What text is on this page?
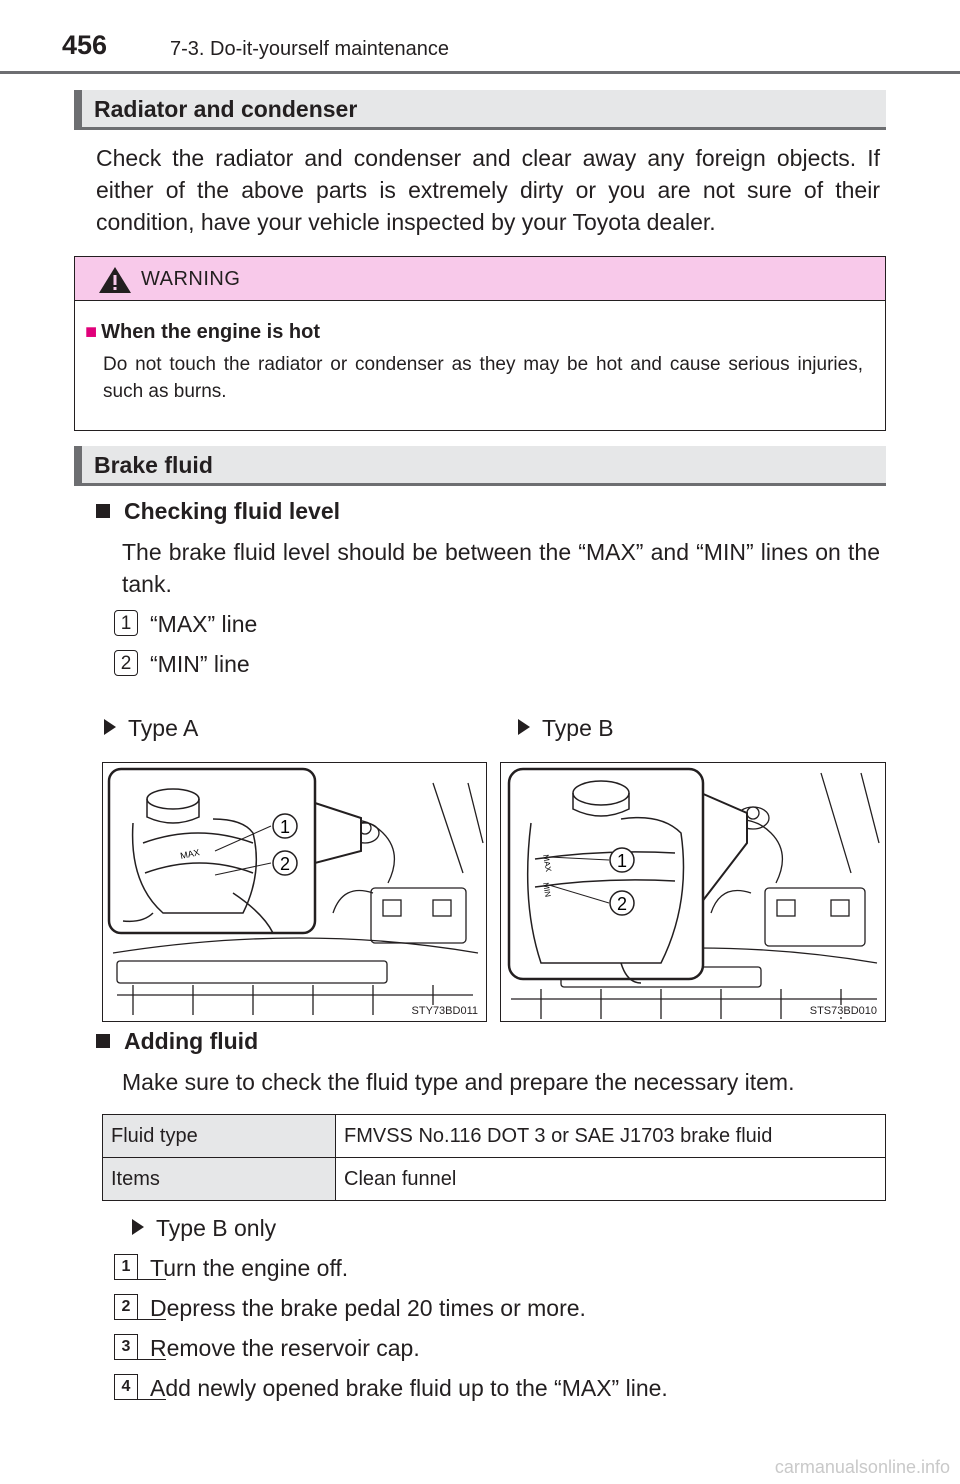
456	7-3. Do-it-yourself maintenance
Radiator and condenser
Check the radiator and condenser and clear away any foreign objects. If either of the above parts is extremely dirty or you are not sure of their condition, have your vehicle inspected by your Toyota dealer.
WARNING
■ When the engine is hot
Do not touch the radiator or condenser as they may be hot and cause serious injuries, such as burns.
Brake fluid
Checking fluid level
The brake fluid level should be between the “MAX” and “MIN” lines on the tank.
1 “MAX” line
2 “MIN” line
Type A	Type B
MAX
1
2
STY73BD011
MAX
MIN
1
2
STS73BD010
Adding fluid
Make sure to check the fluid type and prepare the necessary item.
Fluid type	FMVSS No.116 DOT 3 or SAE J1703 brake fluid
Items	Clean funnel
Type B only
1 Turn the engine off.
2 Depress the brake pedal 20 times or more.
3 Remove the reservoir cap.
4 Add newly opened brake fluid up to the “MAX” line.
carmanualsonline.info
